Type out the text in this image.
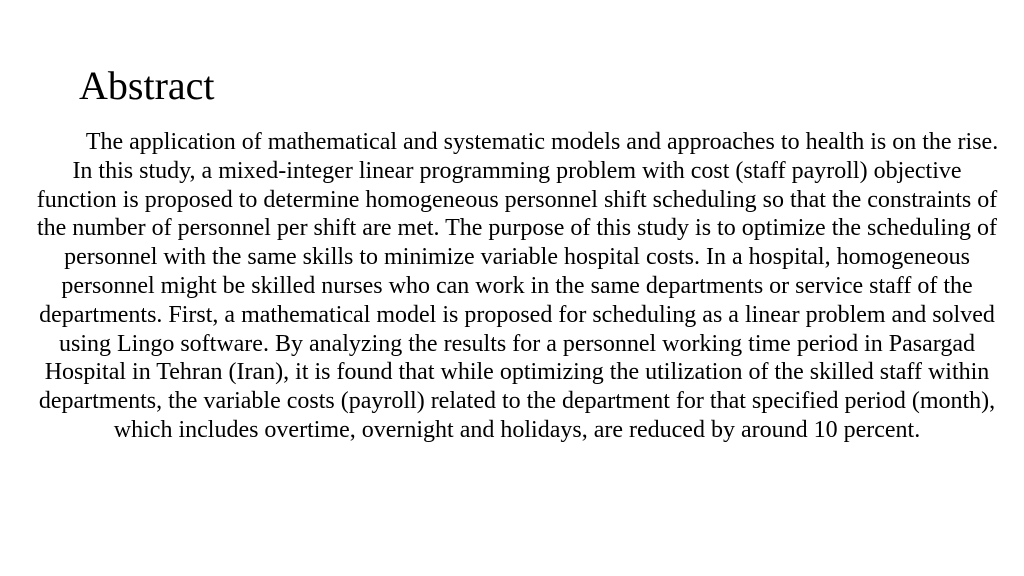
Abstract

The application of mathematical and systematic models and approaches to health is on the rise. In this study, a mixed-integer linear programming problem with cost (staff payroll) objective function is proposed to determine homogeneous personnel shift scheduling so that the constraints of the number of personnel per shift are met. The purpose of this study is to optimize the scheduling of personnel with the same skills to minimize variable hospital costs. In a hospital, homogeneous personnel might be skilled nurses who can work in the same departments or service staff of the departments. First, a mathematical model is proposed for scheduling as a linear problem and solved using Lingo software. By analyzing the results for a personnel working time period in Pasargad Hospital in Tehran (Iran), it is found that while optimizing the utilization of the skilled staff within departments, the variable costs (payroll) related to the department for that specified period (month), which includes overtime, overnight and holidays, are reduced by around 10 percent.
